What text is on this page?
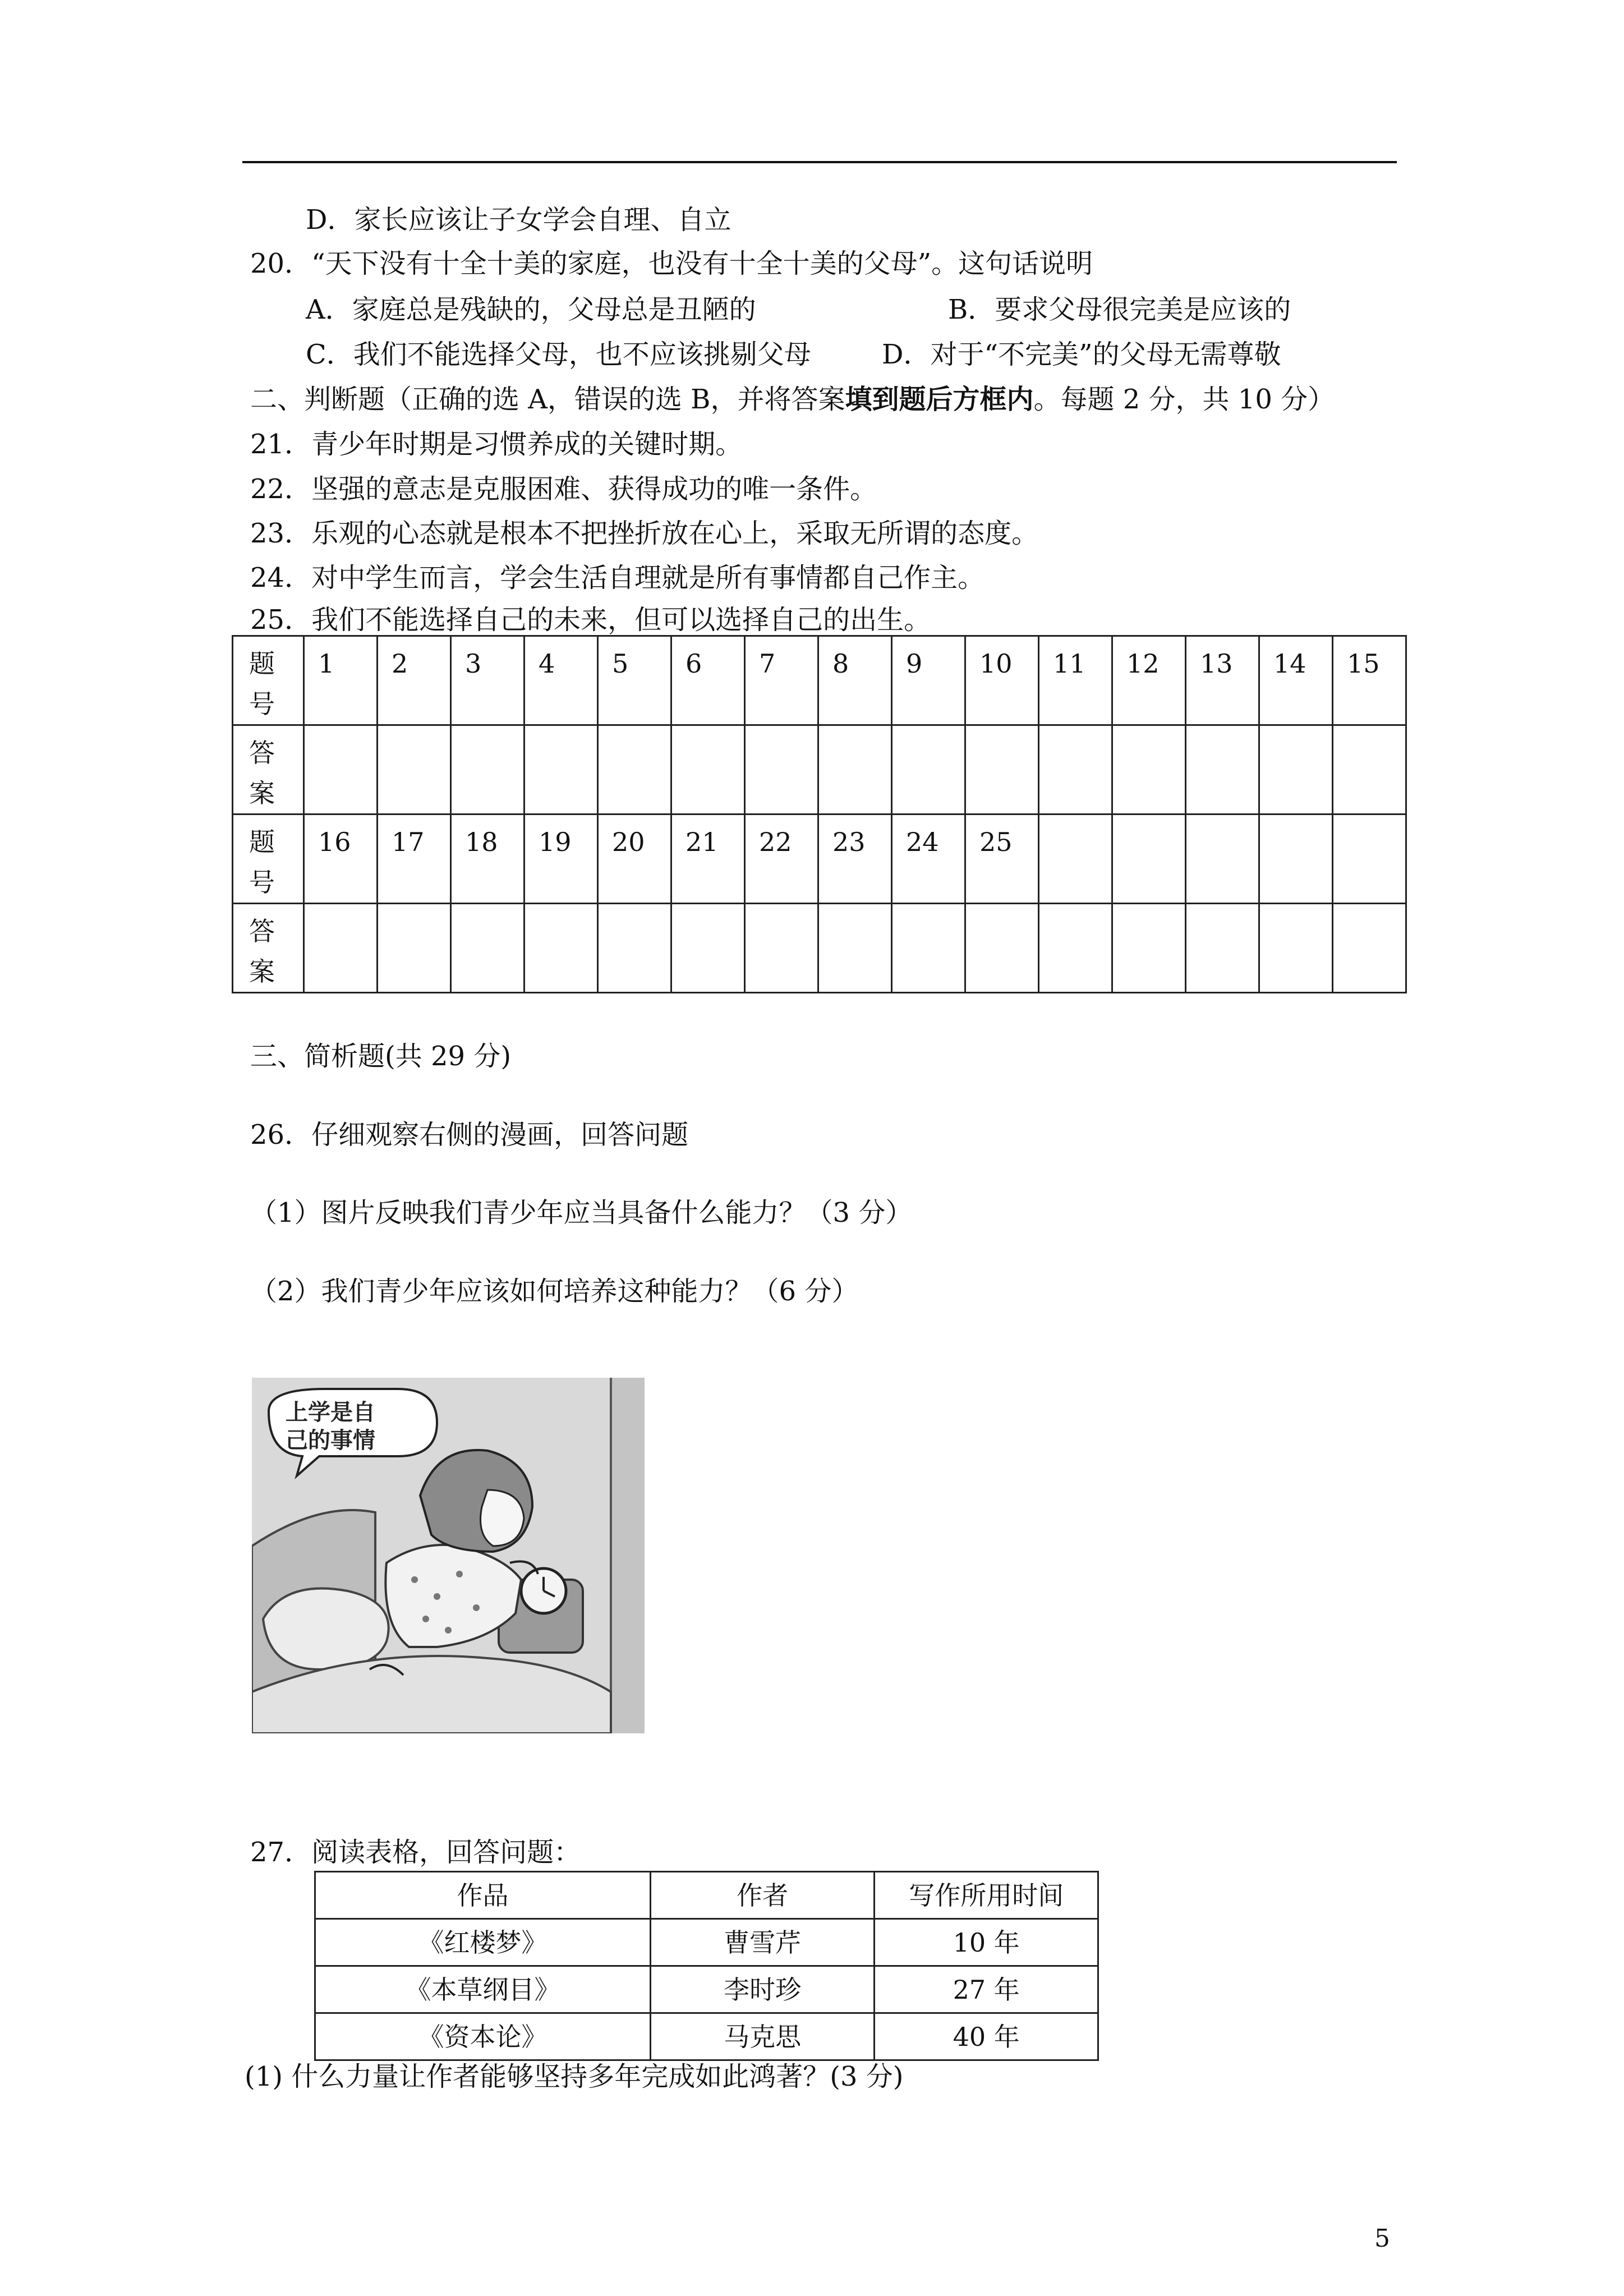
D．家长应该让子女学会自理、自立
20．“天下没有十全十美的家庭，也没有十全十美的父母”。这句话说明
A．家庭总是残缺的，父母总是丑陋的	B．要求父母很完美是应该的
C．我们不能选择父母，也不应该挑剔父母	D．对于“不完美”的父母无需尊敬
二、判断题（正确的选 A，错误的选 B，并将答案填到题后方框内。每题 2 分，共 10 分）
21．青少年时期是习惯养成的关键时期。
22．坚强的意志是克服困难、获得成功的唯一条件。
23．乐观的心态就是根本不把挫折放在心上，采取无所谓的态度。
24．对中学生而言，学会生活自理就是所有事情都自己作主。
25．我们不能选择自己的未来，但可以选择自己的出生。
题
号	1	2	3	4	5	6	7	8	9	10	11	12	13	14	15

答
案															

题
号	16	17	18	19	20	21	22	23	24	25					

答
案															

三、简析题(共 29 分)
26．仔细观察右侧的漫画，回答问题
（1）图片反映我们青少年应当具备什么能力？（3 分）
（2）我们青少年应该如何培养这种能力？（6 分）
上学是自
己的事情
27．阅读表格，回答问题：
作品	作者	写作所用时间
《红楼梦》	曹雪芹	10 年
《本草纲目》	李时珍	27 年
《资本论》	马克思	40 年
(1) 什么力量让作者能够坚持多年完成如此鸿著？(3 分)
5
